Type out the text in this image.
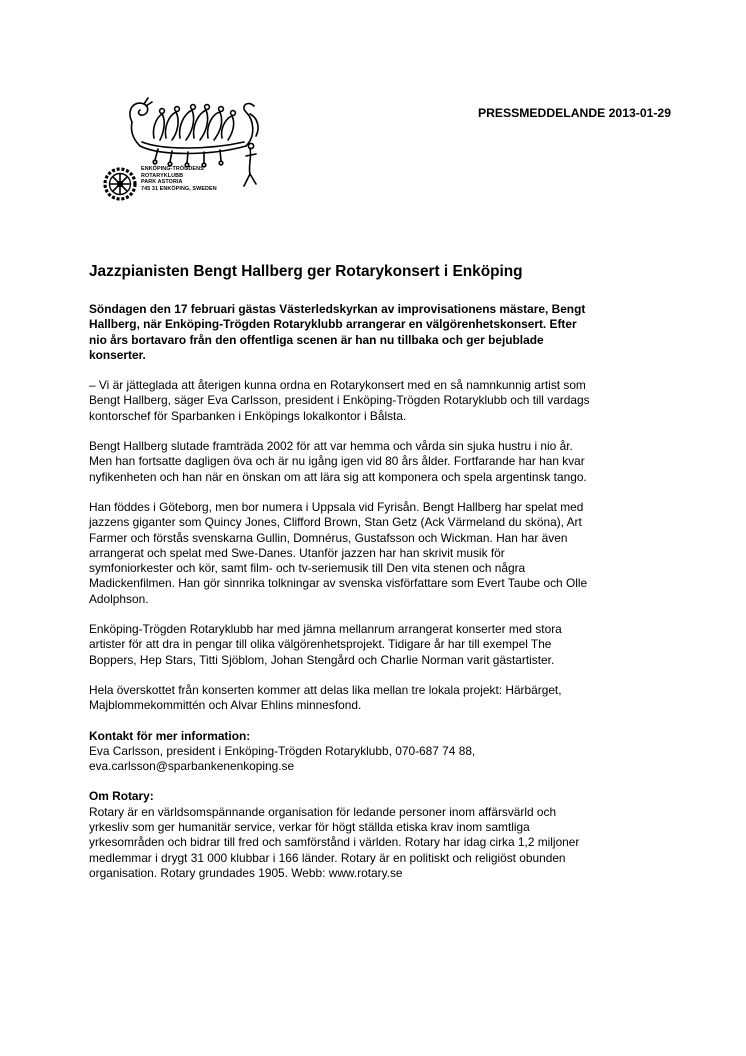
ENKÖPING-TRÖGDENS
ROTARYKLUBB
PARK ASTORIA
745 31 ENKÖPING, SWEDEN
PRESSMEDDELANDE 2013-01-29
Jazzpianisten Bengt Hallberg ger Rotarykonsert i Enköping
Söndagen den 17 februari gästas Västerledskyrkan av improvisationens mästare, Bengt
Hallberg, när Enköping-Trögden Rotaryklubb arrangerar en välgörenhetskonsert. Efter
nio års bortavaro från den offentliga scenen är han nu tillbaka och ger bejublade
konserter.
– Vi är jätteglada att återigen kunna ordna en Rotarykonsert med en så namnkunnig artist som
Bengt Hallberg, säger Eva Carlsson, president i Enköping-Trögden Rotaryklubb och till vardags
kontorschef för Sparbanken i Enköpings lokalkontor i Bålsta.
Bengt Hallberg slutade framträda 2002 för att var hemma och vårda sin sjuka hustru i nio år.
Men han fortsatte dagligen öva och är nu igång igen vid 80 års ålder. Fortfarande har han kvar
nyfikenheten och han när en önskan om att lära sig att komponera och spela argentinsk tango.
Han föddes i Göteborg, men bor numera i Uppsala vid Fyrisån. Bengt Hallberg har spelat med
jazzens giganter som Quincy Jones, Clifford Brown, Stan Getz (Ack Värmeland du sköna), Art
Farmer och förstås svenskarna Gullin, Domnérus, Gustafsson och Wickman. Han har även
arrangerat och spelat med Swe-Danes. Utanför jazzen har han skrivit musik för
symfoniorkester och kör, samt film- och tv-seriemusik till Den vita stenen och några
Madickenfilmen. Han gör sinnrika tolkningar av svenska visförfattare som Evert Taube och Olle
Adolphson.
Enköping-Trögden Rotaryklubb har med jämna mellanrum arrangerat konserter med stora
artister för att dra in pengar till olika välgörenhetsprojekt. Tidigare år har till exempel The
Boppers, Hep Stars, Titti Sjöblom, Johan Stengård och Charlie Norman varit gästartister.
Hela överskottet från konserten kommer att delas lika mellan tre lokala projekt: Härbärget,
Majblommekommittén och Alvar Ehlins minnesfond.
Kontakt för mer information:
Eva Carlsson, president i Enköping-Trögden Rotaryklubb, 070-687 74 88,
eva.carlsson@sparbankenenkoping.se
Om Rotary:
Rotary är en världsomspännande organisation för ledande personer inom affärsvärld och
yrkesliv som ger humanitär service, verkar för högt ställda etiska krav inom samtliga
yrkesområden och bidrar till fred och samförstånd i världen. Rotary har idag cirka 1,2 miljoner
medlemmar i drygt 31 000 klubbar i 166 länder. Rotary är en politiskt och religiöst obunden
organisation. Rotary grundades 1905. Webb: www.rotary.se
